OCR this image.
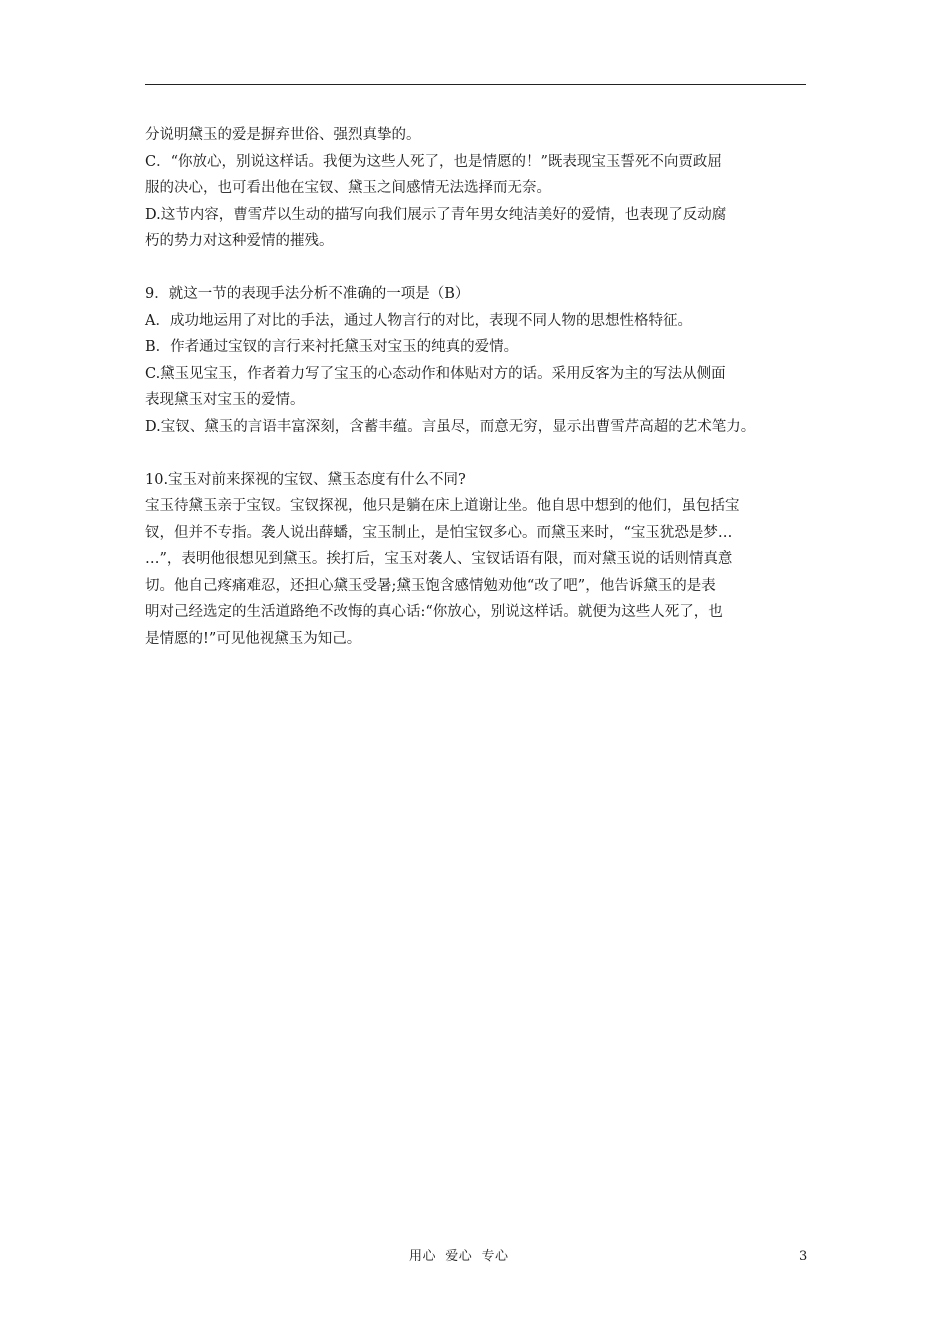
分说明黛玉的爱是摒弃世俗、强烈真挚的。
C．“你放心，别说这样话。我便为这些人死了，也是情愿的！”既表现宝玉誓死不向贾政屈
服的决心，也可看出他在宝钗、黛玉之间感情无法选择而无奈。
D.这节内容，曹雪芹以生动的描写向我们展示了青年男女纯洁美好的爱情，也表现了反动腐
朽的势力对这种爱情的摧残。
9．就这一节的表现手法分析不准确的一项是（B）
A．成功地运用了对比的手法，通过人物言行的对比，表现不同人物的思想性格特征。
B．作者通过宝钗的言行来衬托黛玉对宝玉的纯真的爱情。
C.黛玉见宝玉，作者着力写了宝玉的心态动作和体贴对方的话。采用反客为主的写法从侧面
表现黛玉对宝玉的爱情。
D.宝钗、黛玉的言语丰富深刻，含蓄丰蕴。言虽尽，而意无穷，显示出曹雪芹高超的艺术笔力。
10.宝玉对前来探视的宝钗、黛玉态度有什么不同?
宝玉待黛玉亲于宝钗。宝钗探视，他只是躺在床上道谢让坐。他自思中想到的他们，虽包括宝
钗，但并不专指。袭人说出薛蟠，宝玉制止，是怕宝钗多心。而黛玉来时，“宝玉犹恐是梦…
…”，表明他很想见到黛玉。挨打后，宝玉对袭人、宝钗话语有限，而对黛玉说的话则情真意
切。他自己疼痛难忍，还担心黛玉受暑;黛玉饱含感情勉劝他“改了吧”，他告诉黛玉的是表
明对己经选定的生活道路绝不改悔的真心话:“你放心，别说这样话。就便为这些人死了，也
是情愿的!”可见他视黛玉为知己。
用心  爱心  专心	3
